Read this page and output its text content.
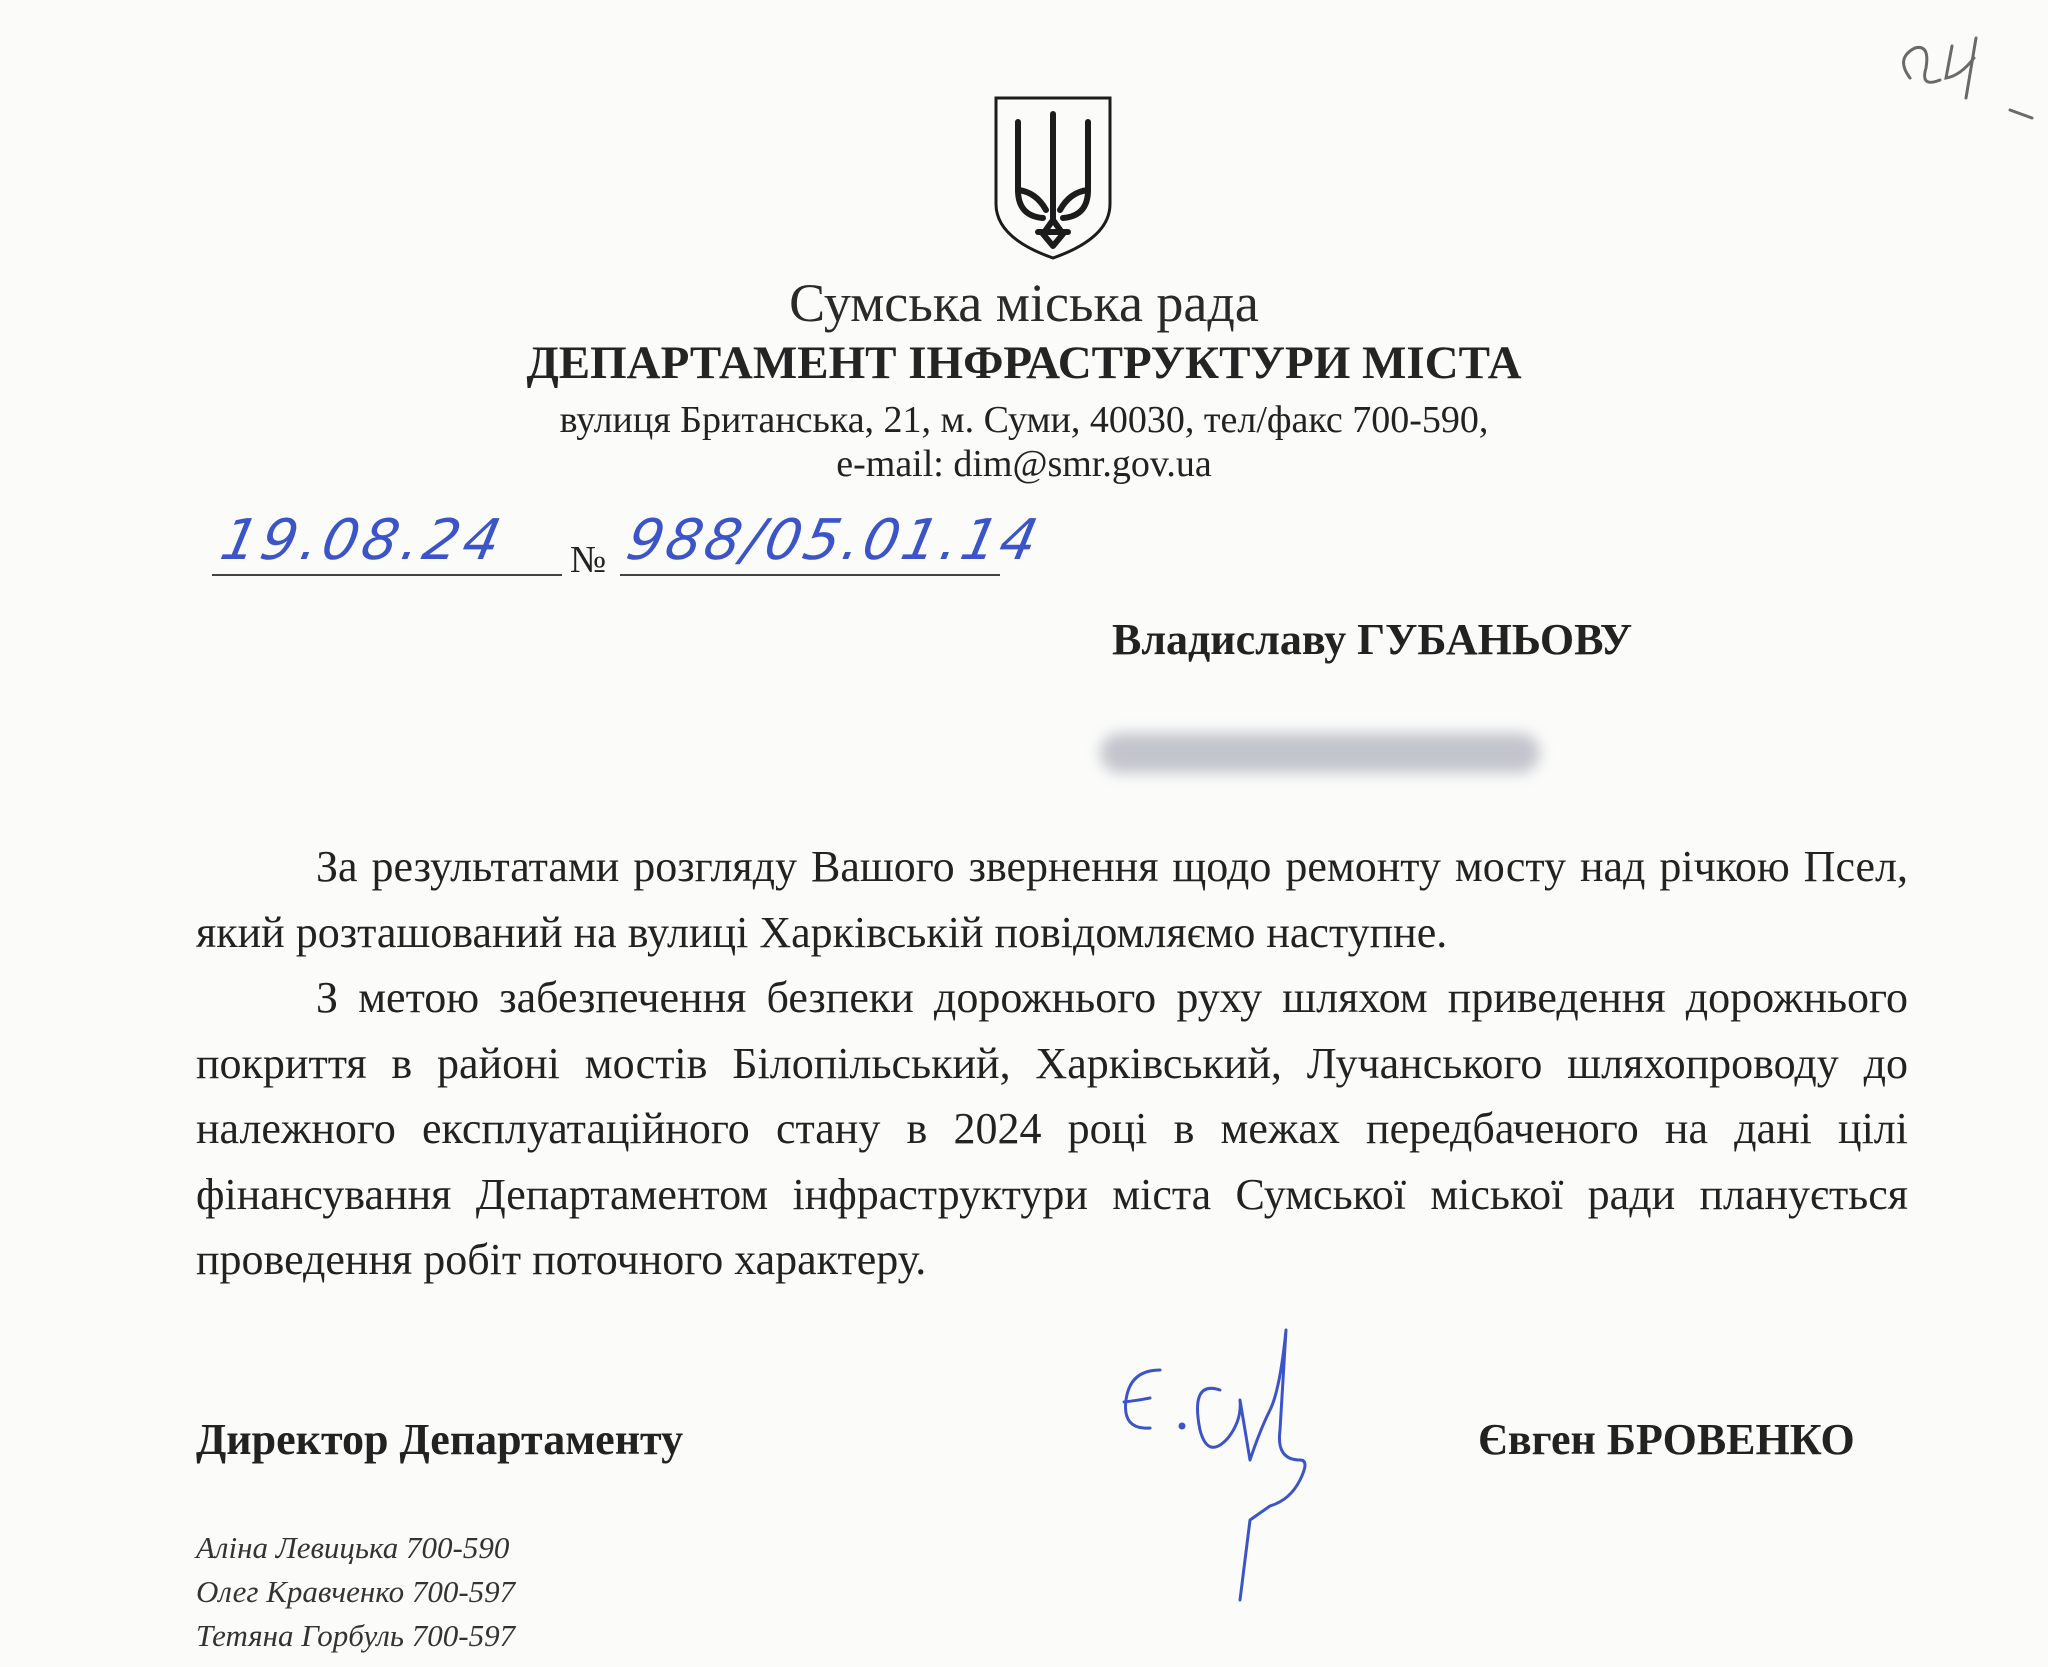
Сумська міська рада
ДЕПАРТАМЕНТ ІНФРАСТРУКТУРИ МІСТА
вулиця Британська, 21, м. Суми, 40030, тел/факс 700-590,
e-mail: dim@smr.gov.ua
19.08.24 № 988/05.01.14
Владиславу ГУБАНЬОВУ
За результатами розгляду Вашого звернення щодо ремонту мосту над річкою Псел, який розташований на вулиці Харківській повідомляємо наступне.
З метою забезпечення безпеки дорожнього руху шляхом приведення дорожнього покриття в районі мостів Білопільський, Харківський, Лучанського шляхопроводу до належного експлуатаційного стану в 2024 році в межах передбаченого на дані цілі фінансування Департаментом інфраструктури міста Сумської міської ради планується проведення робіт поточного характеру.
Директор Департаменту	Євген БРОВЕНКО
Аліна Левицька 700-590
Олег Кравченко 700-597
Тетяна Горбуль 700-597
